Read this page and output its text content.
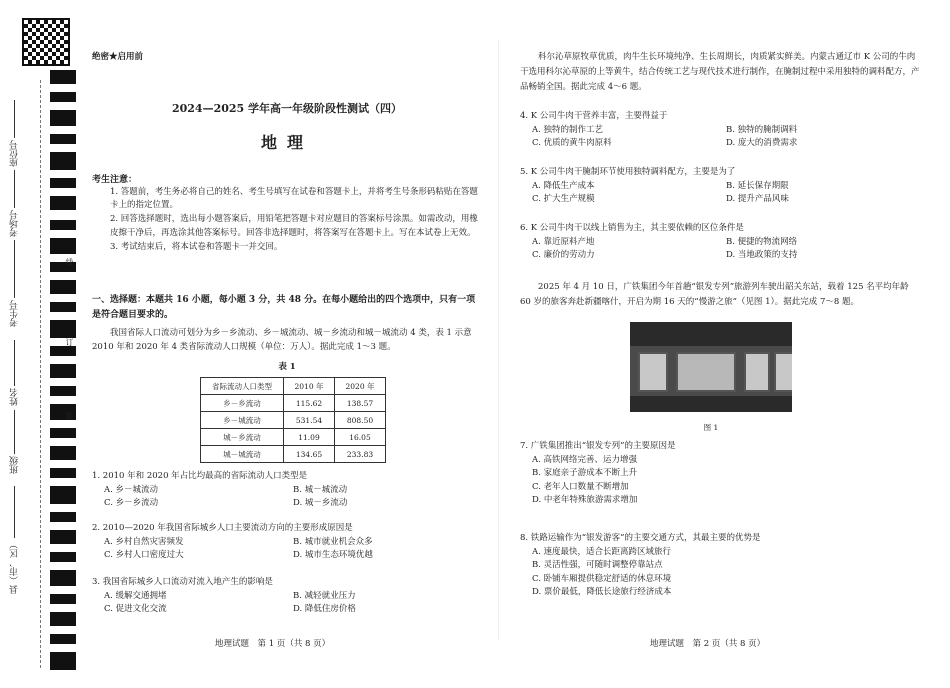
座位号
考场号
考生号
姓名
班级
县（市、区）
线
订
装
绝密★启用前
2024—2025 学年高一年级阶段性测试（四）
地理
考生注意：
1. 答题前，考生务必将自己的姓名、考生号填写在试卷和答题卡上，并将考生号条形码粘贴在答题卡上的指定位置。
2. 回答选择题时，选出每小题答案后，用铅笔把答题卡对应题目的答案标号涂黑。如需改动，用橡皮擦干净后，再选涂其他答案标号。回答非选择题时，将答案写在答题卡上。写在本试卷上无效。
3. 考试结束后，将本试卷和答题卡一并交回。
一、选择题：本题共 16 小题，每小题 3 分，共 48 分。在每小题给出的四个选项中，只有一项是符合题目要求的。
我国省际人口流动可划分为乡－乡流动、乡－城流动、城－乡流动和城－城流动 4 类，表 1 示意 2010 年和 2020 年 4 类省际流动人口规模（单位：万人）。据此完成 1～3 题。
表 1
省际流动人口类型	2010 年	2020 年
乡－乡流动	115.62	138.57
乡－城流动	531.54	808.50
城－乡流动	11.09	16.05
城－城流动	134.65	233.83
1. 2010 年和 2020 年占比均最高的省际流动人口类型是
A. 乡－城流动	B. 城－城流动
C. 乡－乡流动	D. 城－乡流动
2. 2010—2020 年我国省际城乡人口主要流动方向的主要形成原因是
A. 乡村自然灾害频发	B. 城市就业机会众多
C. 乡村人口密度过大	D. 城市生态环境优越
3. 我国省际城乡人口流动对流入地产生的影响是
A. 缓解交通拥堵	B. 减轻就业压力
C. 促进文化交流	D. 降低住房价格
地理试题　第 1 页（共 8 页）
科尔沁草原牧草优质，肉牛生长环境纯净、生长周期长，肉质紧实鲜美。内蒙古通辽市 K 公司的牛肉干选用科尔沁草原的上等黄牛，结合传统工艺与现代技术进行制作，在腌制过程中采用独特的调料配方，产品畅销全国。据此完成 4～6 题。
4. K 公司牛肉干营养丰富，主要得益于
A. 独特的制作工艺	B. 独特的腌制调料
C. 优质的黄牛肉原料	D. 庞大的消费需求
5. K 公司牛肉干腌制环节使用独特调料配方，主要是为了
A. 降低生产成本	B. 延长保存期限
C. 扩大生产规模	D. 提升产品风味
6. K 公司牛肉干以线上销售为主，其主要依赖的区位条件是
A. 靠近原料产地	B. 便捷的物流网络
C. 廉价的劳动力	D. 当地政策的支持
2025 年 4 月 10 日，广铁集团今年首趟“银发专列”旅游列车驶出韶关东站，载着 125 名平均年龄 60 岁的旅客奔赴新疆喀什，开启为期 16 天的“慢游之旅”（见图 1）。据此完成 7～8 题。
图 1
7. 广铁集团推出“银发专列”的主要原因是
A. 高铁网络完善、运力增强
B. 家庭亲子游成本不断上升
C. 老年人口数量不断增加
D. 中老年特殊旅游需求增加
8. 铁路运输作为“银发游客”的主要交通方式，其最主要的优势是
A. 速度最快，适合长距离跨区域旅行
B. 灵活性强，可随时调整停靠站点
C. 卧铺车厢提供稳定舒适的休息环境
D. 票价最低，降低长途旅行经济成本
地理试题　第 2 页（共 8 页）
